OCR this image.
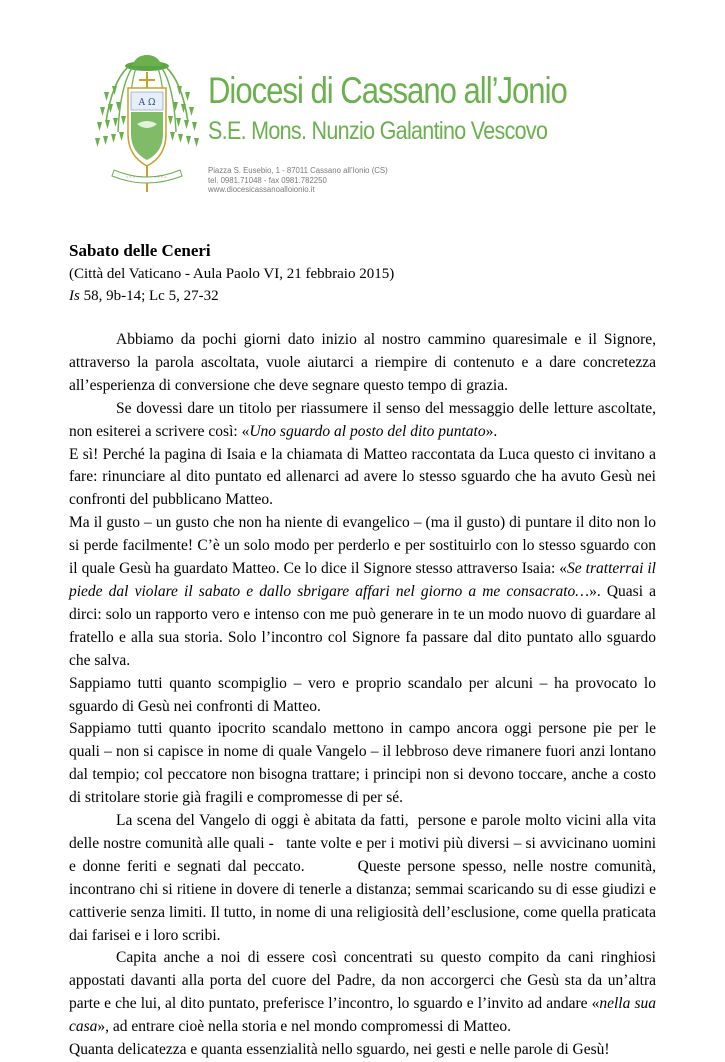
A Ω Diocesi di Cassano all’Jonio
S.E. Mons. Nunzio Galantino Vescovo
Piazza S. Eusebio, 1 - 87011 Cassano all’Ionio (CS)
tel. 0981.71048 - fax 0981.782250
www.diocesicassanoalloionio.it
Sabato delle Ceneri
(Città del Vaticano - Aula Paolo VI, 21 febbraio 2015)
Is 58, 9b-14; Lc 5, 27-32

Abbiamo da pochi giorni dato inizio al nostro cammino quaresimale e il Signore, attraverso la parola ascoltata, vuole aiutarci a riempire di contenuto e a dare concretezza all’esperienza di conversione che deve segnare questo tempo di grazia.

Se dovessi dare un titolo per riassumere il senso del messaggio delle letture ascoltate, non esiterei a scrivere così: «Uno sguardo al posto del dito puntato».

E sì! Perché la pagina di Isaia e la chiamata di Matteo raccontata da Luca questo ci invitano a fare: rinunciare al dito puntato ed allenarci ad avere lo stesso sguardo che ha avuto Gesù nei confronti del pubblicano Matteo.

Ma il gusto – un gusto che non ha niente di evangelico – (ma il gusto) di puntare il dito non lo si perde facilmente! C’è un solo modo per perderlo e per sostituirlo con lo stesso sguardo con il quale Gesù ha guardato Matteo. Ce lo dice il Signore stesso attraverso Isaia: «Se tratterrai il piede dal violare il sabato e dallo sbrigare affari nel giorno a me consacrato…». Quasi a dirci: solo un rapporto vero e intenso con me può generare in te un modo nuovo di guardare al fratello e alla sua storia. Solo l’incontro col Signore fa passare dal dito puntato allo sguardo che salva.

Sappiamo tutti quanto scompiglio – vero e proprio scandalo per alcuni – ha provocato lo sguardo di Gesù nei confronti di Matteo.

Sappiamo tutti quanto ipocrito scandalo mettono in campo ancora oggi persone pie per le quali – non si capisce in nome di quale Vangelo – il lebbroso deve rimanere fuori anzi lontano dal tempio; col peccatore non bisogna trattare; i principi non si devono toccare, anche a costo di stritolare storie già fragili e compromesse di per sé.

La scena del Vangelo di oggi è abitata da fatti,  persone e parole molto vicini alla vita delle nostre comunità alle quali -   tante volte e per i motivi più diversi – si avvicinano uomini e donne feriti e segnati dal peccato.        Queste persone spesso, nelle nostre comunità, incontrano chi si ritiene in dovere di tenerle a distanza; semmai scaricando su di esse giudizi e cattiverie senza limiti. Il tutto, in nome di una religiosità dell’esclusione, come quella praticata dai farisei e i loro scribi.

Capita anche a noi di essere così concentrati su questo compito da cani ringhiosi appostati davanti alla porta del cuore del Padre, da non accorgerci che Gesù sta da un’altra parte e che lui, al dito puntato, preferisce l’incontro, lo sguardo e l’invito ad andare «nella sua casa», ad entrare cioè nella storia e nel mondo compromessi di Matteo.

Quanta delicatezza e quanta essenzialità nello sguardo, nei gesti e nelle parole di Gesù!
